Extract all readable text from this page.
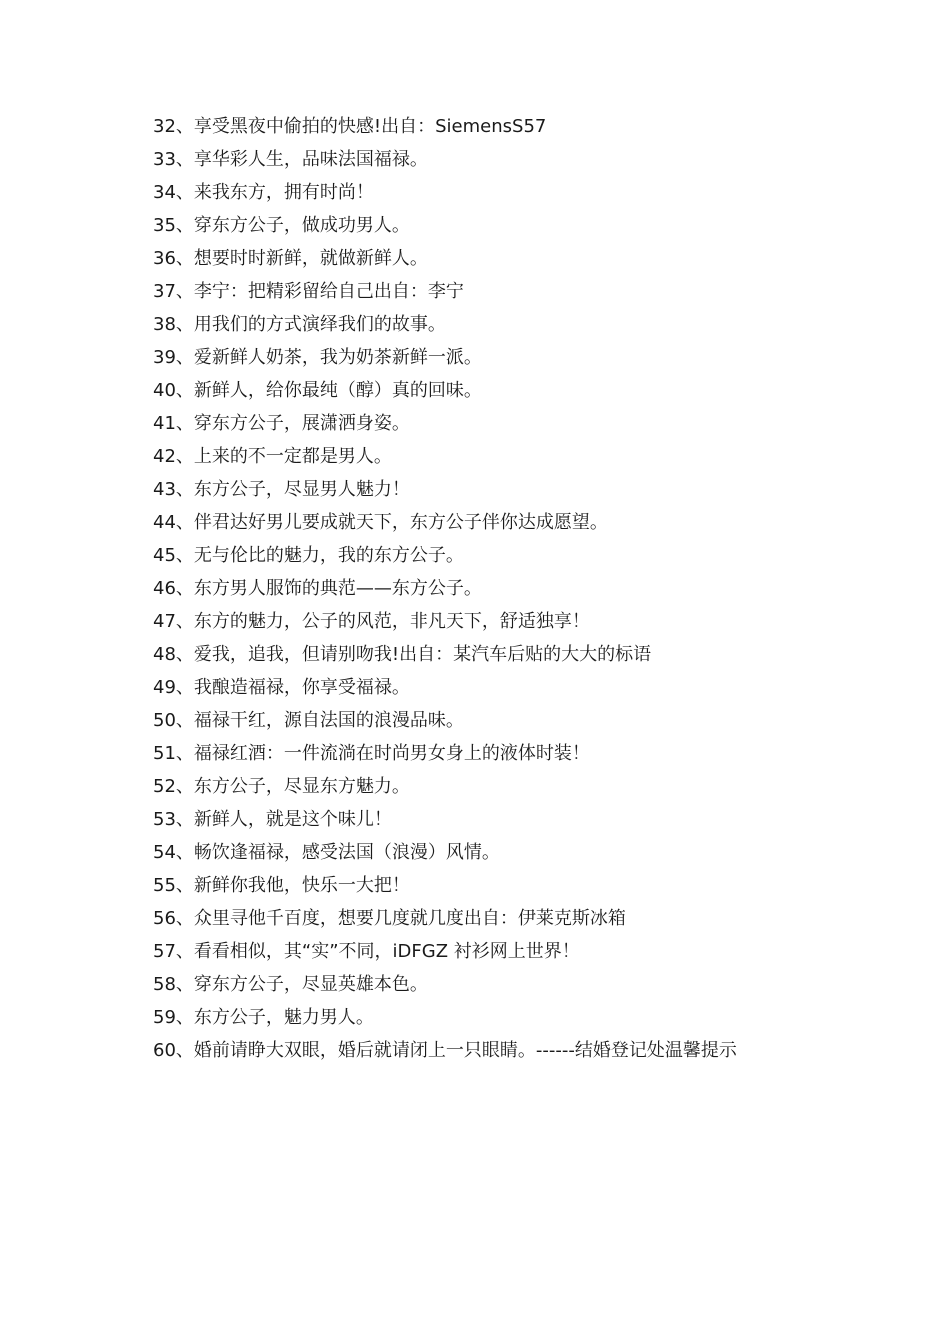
32、享受黑夜中偷拍的快感!出自：SiemensS57
33、享华彩人生，品味法国福禄。
34、来我东方，拥有时尚！
35、穿东方公子，做成功男人。
36、想要时时新鲜，就做新鲜人。
37、李宁：把精彩留给自己出自：李宁
38、用我们的方式演绎我们的故事。
39、爱新鲜人奶茶，我为奶茶新鲜一派。
40、新鲜人，给你最纯（醇）真的回味。
41、穿东方公子，展潇洒身姿。
42、上来的不一定都是男人。
43、东方公子，尽显男人魅力！
44、伴君达好男儿要成就天下，东方公子伴你达成愿望。
45、无与伦比的魅力，我的东方公子。
46、东方男人服饰的典范——东方公子。
47、东方的魅力，公子的风范，非凡天下，舒适独享！
48、爱我，追我，但请别吻我!出自：某汽车后贴的大大的标语
49、我酿造福禄，你享受福禄。
50、福禄干红，源自法国的浪漫品味。
51、福禄红酒：一件流淌在时尚男女身上的液体时装！
52、东方公子，尽显东方魅力。
53、新鲜人，就是这个味儿！
54、畅饮逢福禄，感受法国（浪漫）风情。
55、新鲜你我他，快乐一大把！
56、众里寻他千百度，想要几度就几度出自：伊莱克斯冰箱
57、看看相似，其“实”不同，iDFGZ 衬衫网上世界！
58、穿东方公子，尽显英雄本色。
59、东方公子，魅力男人。
60、婚前请睁大双眼，婚后就请闭上一只眼睛。------结婚登记处温馨提示
